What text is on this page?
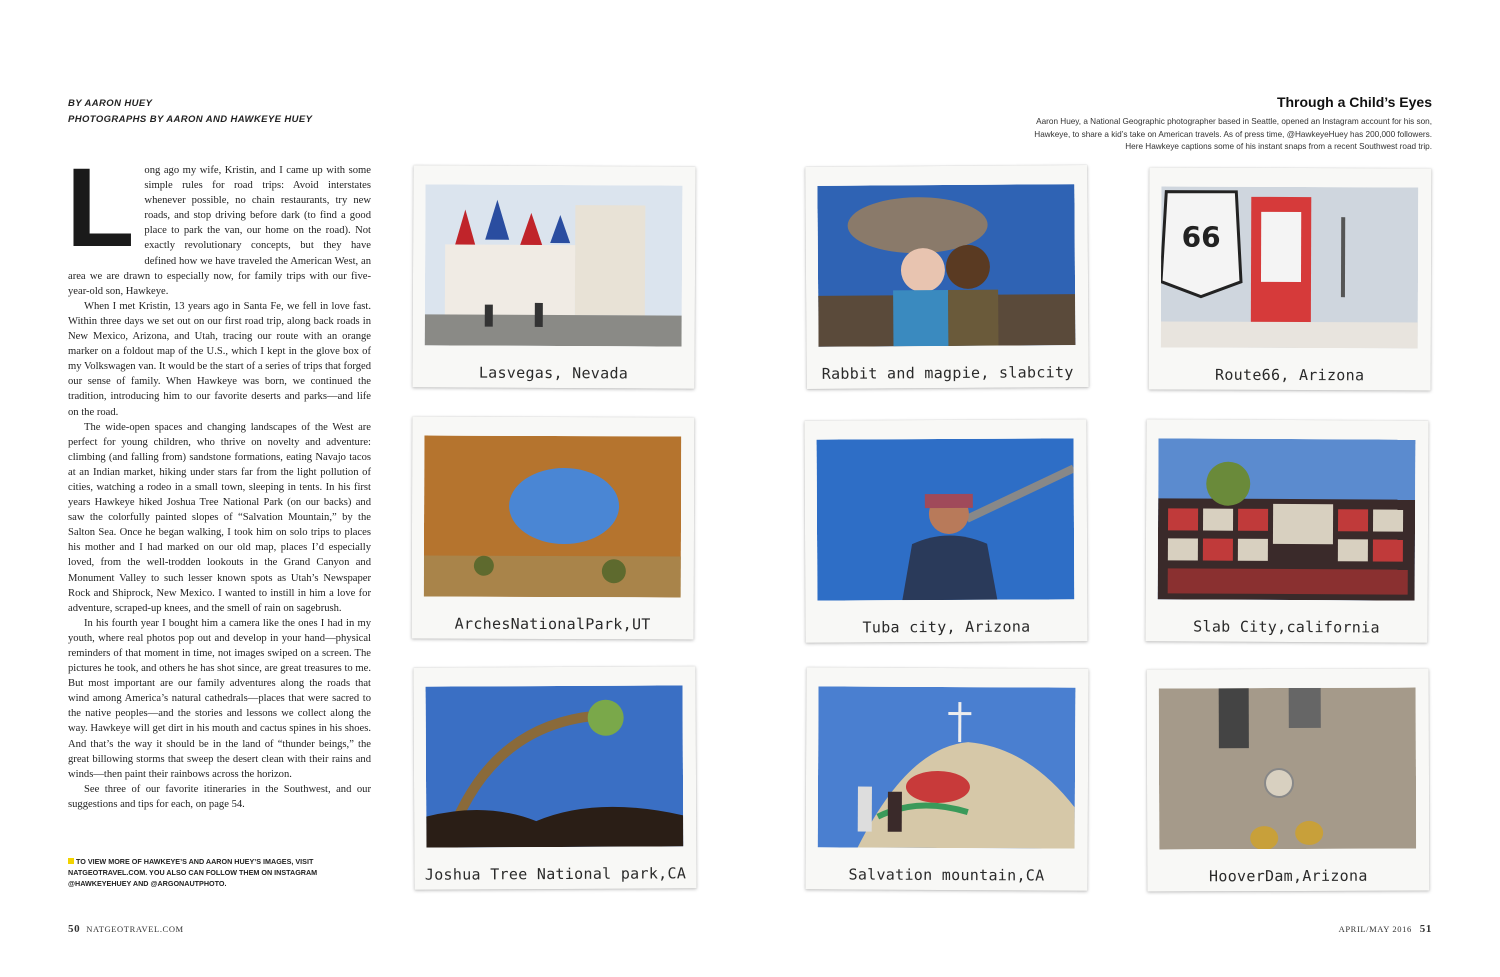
BY AARON HUEY
PHOTOGRAPHS BY AARON AND HAWKEYE HUEY
Through a Child’s Eyes
Aaron Huey, a National Geographic photographer based in Seattle, opened an Instagram account for his son,
Hawkeye, to share a kid’s take on American travels. As of press time, @HawkeyeHuey has 200,000 followers.
Here Hawkeye captions some of his instant snaps from a recent Southwest road trip.
L ong ago my wife, Kristin, and I came up with some simple rules for road trips: Avoid interstates whenever possible, no chain restaurants, try new roads, and stop driving before dark (to find a good place to park the van, our home on the road). Not exactly revolutionary concepts, but they have defined how we have traveled the American West, an area we are drawn to especially now, for family trips with our five-year-old son, Hawkeye.

When I met Kristin, 13 years ago in Santa Fe, we fell in love fast. Within three days we set out on our first road trip, along back roads in New Mexico, Arizona, and Utah, tracing our route with an orange marker on a foldout map of the U.S., which I kept in the glove box of my Volkswagen van. It would be the start of a series of trips that forged our sense of family. When Hawkeye was born, we continued the tradition, introducing him to our favorite deserts and parks—and life on the road.

The wide-open spaces and changing landscapes of the West are perfect for young children, who thrive on novelty and adventure: climbing (and falling from) sandstone formations, eating Navajo tacos at an Indian market, hiking under stars far from the light pollution of cities, watching a rodeo in a small town, sleeping in tents. In his first years Hawkeye hiked Joshua Tree National Park (on our backs) and saw the colorfully painted slopes of “Salvation Mountain,” by the Salton Sea. Once he began walking, I took him on solo trips to places his mother and I had marked on our old map, places I’d especially loved, from the well-trodden lookouts in the Grand Canyon and Monument Valley to such lesser known spots as Utah’s Newspaper Rock and Shiprock, New Mexico. I wanted to instill in him a love for adventure, scraped-up knees, and the smell of rain on sagebrush.

In his fourth year I bought him a camera like the ones I had in my youth, where real photos pop out and develop in your hand—physical reminders of that moment in time, not images swiped on a screen. The pictures he took, and others he has shot since, are great treasures to me. But most important are our family adventures along the roads that wind among America’s natural cathedrals—places that were sacred to the native peoples—and the stories and lessons we collect along the way. Hawkeye will get dirt in his mouth and cactus spines in his shoes. And that’s the way it should be in the land of “thunder beings,” the great billowing storms that sweep the desert clean with their rains and winds—then paint their rainbows across the horizon.

See three of our favorite itineraries in the Southwest, and our suggestions and tips for each, on page 54.

TO VIEW MORE OF HAWKEYE’S AND AARON HUEY’S IMAGES, VISIT NATGEOTRAVEL.COM. YOU ALSO CAN FOLLOW THEM ON INSTAGRAM @HAWKEYEHUEY AND @ARGONAUTPHOTO.
50 NATGEOTRAVEL.COM	APRIL/MAY 2016 51
Lasvegas, Nevada	Rabbit and magpie, slabcity
66
Route66, Arizona
ArchesNationalPark,UT	Tuba city, Arizona	Slab City,california
Joshua Tree National park,CA	Salvation mountain,CA	HooverDam,Arizona
